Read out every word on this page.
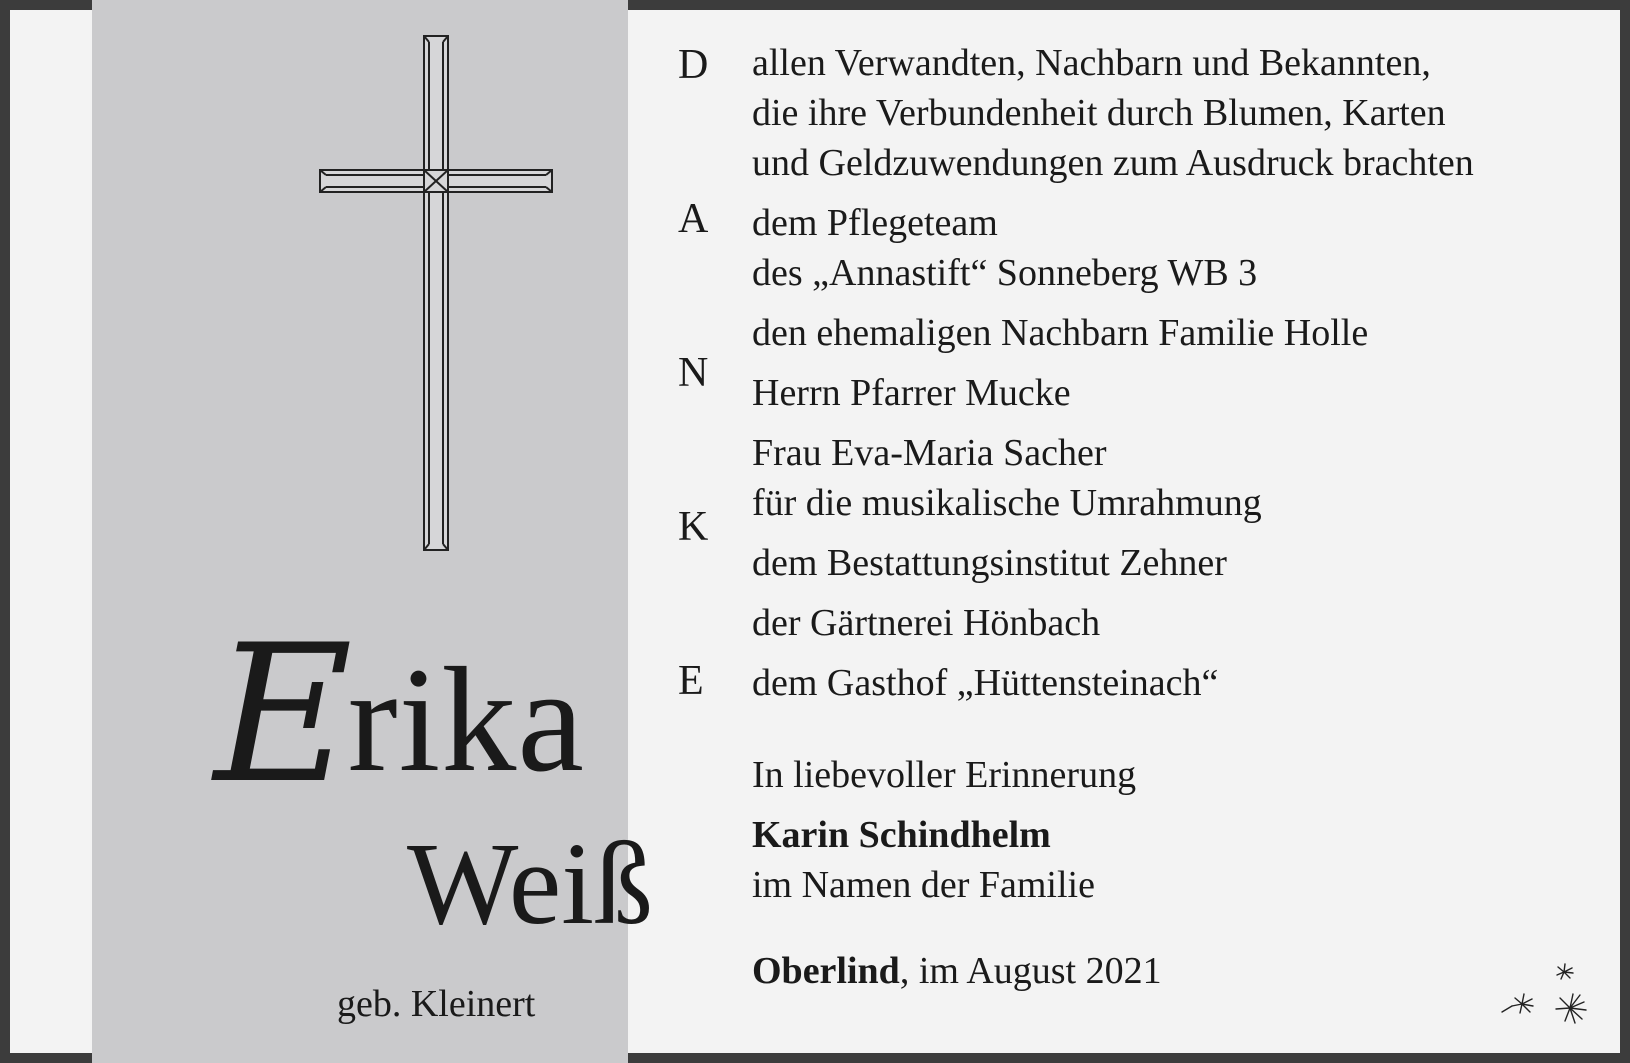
Erika
Weiß
geb. Kleinert
D
A
N
K
E
allen Verwandten, Nachbarn und Bekannten,
die ihre Verbundenheit durch Blumen, Karten
und Geldzuwendungen zum Ausdruck brachten
dem Pflegeteam
des „Annastift“ Sonneberg WB 3
den ehemaligen Nachbarn Familie Holle
Herrn Pfarrer Mucke
Frau Eva-Maria Sacher
für die musikalische Umrahmung
dem Bestattungsinstitut Zehner
der Gärtnerei Hönbach
dem Gasthof „Hüttensteinach“
In liebevoller Erinnerung
Karin Schindhelm
im Namen der Familie
Oberlind, im August 2021
